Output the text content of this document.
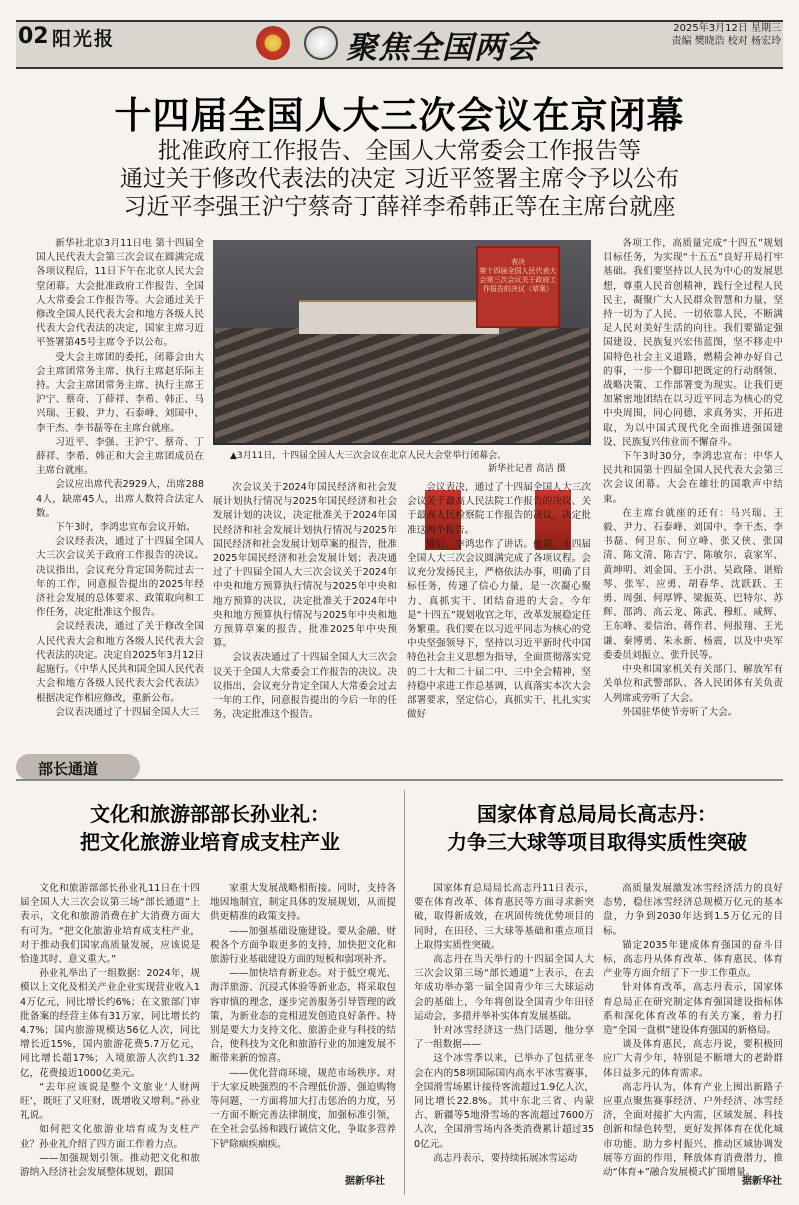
02 阳光报	聚焦全国两会
2025年3月12日 星期三
责编 樊晓浩 校对 杨宏玲
十四届全国人大三次会议在京闭幕
批准政府工作报告、全国人大常委会工作报告等
通过关于修改代表法的决定 习近平签署主席令予以公布
习近平李强王沪宁蔡奇丁薛祥李希韩正等在主席台就座

新华社北京3月11日电 第十四届全国人民代表大会第三次会议在圆满完成各项议程后，11日下午在北京人民大会堂闭幕。大会批准政府工作报告、全国人大常委会工作报告等。大会通过关于修改全国人民代表大会和地方各级人民代表大会代表法的决定，国家主席习近平签署第45号主席令予以公布。

受大会主席团的委托，闭幕会由大会主席团常务主席、执行主席赵乐际主持。大会主席团常务主席、执行主席王沪宁、蔡奇、丁薛祥、李希、韩正、马兴瑞、王毅、尹力、石泰峰、刘国中、李干杰、李书磊等在主席台就座。

习近平、李强、王沪宁、蔡奇、丁薛祥、李希、韩正和大会主席团成员在主席台就座。

会议应出席代表2929人，出席2884人，缺席45人，出席人数符合法定人数。

下午3时，李鸿忠宣布会议开始。

会议经表决，通过了十四届全国人大三次会议关于政府工作报告的决议。决议指出，会议充分肯定国务院过去一年的工作，同意报告提出的2025年经济社会发展的总体要求、政策取向和工作任务，决定批准这个报告。

会议经表决，通过了关于修改全国人民代表大会和地方各级人民代表大会代表法的决定。决定自2025年3月12日起施行。《中华人民共和国全国人民代表大会和地方各级人民代表大会代表法》根据决定作相应修改，重新公布。

会议表决通过了十四届全国人大三

表决
第十四届全国人民代表大会第三次会议关于政府工作报告的决议（草案）
▲3月11日，十四届全国人大三次会议在北京人民大会堂举行闭幕会。
新华社记者 高洁 摄

次会议关于2024年国民经济和社会发展计划执行情况与2025年国民经济和社会发展计划的决议，决定批准关于2024年国民经济和社会发展计划执行情况与2025年国民经济和社会发展计划草案的报告，批准2025年国民经济和社会发展计划；表决通过了十四届全国人大三次会议关于2024年中央和地方预算执行情况与2025年中央和地方预算的决议，决定批准关于2024年中央和地方预算执行情况与2025年中央和地方预算草案的报告，批准2025年中央预算。

会议表决通过了十四届全国人大三次会议关于全国人大常委会工作报告的决议。决议指出，会议充分肯定全国人大常委会过去一年的工作，同意报告提出的今后一年的任务，决定批准这个报告。

会议表决，通过了十四届全国人大三次会议关于最高人民法院工作报告的决议、关于最高人民检察院工作报告的决议，决定批准这两个报告。

随后，李鸿忠作了讲话。他说，十四届全国人大三次会议圆满完成了各项议程。会议充分发扬民主，严格依法办事，明确了目标任务，传递了信心力量，是一次凝心聚力、真抓实干、团结奋进的大会。今年是“十四五”规划收官之年，改革发展稳定任务繁重。我们要在以习近平同志为核心的党中央坚强领导下，坚持以习近平新时代中国特色社会主义思想为指导，全面贯彻落实党的二十大和二十届二中、三中全会精神，坚持稳中求进工作总基调，认真落实本次大会部署要求，坚定信心，真抓实干，扎扎实实做好

各项工作，高质量完成“十四五”规划目标任务，为实现“十五五”良好开局打牢基础。我们要坚持以人民为中心的发展思想，尊重人民首创精神，践行全过程人民民主，凝聚广大人民群众智慧和力量，坚持一切为了人民、一切依靠人民，不断满足人民对美好生活的向往。我们要锚定强国建设、民族复兴宏伟蓝图，坚不移走中国特色社会主义道路，燃精会神办好自己的事，一步一个脚印把既定的行动纲领、战略决策、工作部署变为现实。让我们更加紧密地团结在以习近平同志为核心的党中央周围，同心同德，求真务实，开拓进取，为以中国式现代化全面推进强国建设、民族复兴伟业而不懈奋斗。

下午3时30分，李鸿忠宣布：中华人民共和国第十四届全国人民代表大会第三次会议闭幕。大会在雄壮的国歌声中结束。

在主席台就座的还有：马兴瑞、王毅、尹力、石泰峰、刘国中、李干杰、李书磊、何卫东、何立峰、张又侠、张国清、陈文清、陈吉宁、陈敏尔、袁家军、黄坤明、刘金国、王小洪、吴政隆、谌贻琴、张军、应勇、胡春华、沈跃跃、王勇、周强、何厚铧、梁振英、巴特尔、苏辉、邵鸿、高云龙、陈武、穆虹、咸辉、王东峰、姜信治、蒋作君、何报翔、王光谦、秦博勇、朱永新、杨震，以及中央军委委员刘振立、张升民等。

中央和国家机关有关部门、解放军有关单位和武警部队、各人民团体有关负责人列席或旁听了大会。

外国驻华使节旁听了大会。

部长通道
文化和旅游部部长孙业礼：
把文化旅游业培育成支柱产业

文化和旅游部部长孙业礼11日在十四届全国人大三次会议第三场“部长通道”上表示，文化和旅游消费在扩大消费方面大有可为。“把文化旅游业培育成支柱产业，对于推动我们国家高质量发展，应该说是恰逢其时、意义重大。”

孙业礼举出了一组数据：2024年，规模以上文化及相关产业企业实现营业收入14万亿元，同比增长约6%；在文旅部门审批备案的经营主体有31万家，同比增长约4.7%；国内旅游规模达56亿人次，同比增长近15%，国内旅游花费5.7万亿元，同比增长超17%；入境旅游人次约1.32亿，花费接近1000亿美元。

“去年应该说是整个文旅业‘人财两旺’，既旺了又旺财，既增收又增利。”孙业礼说。

如何把文化旅游业培育成为支柱产业？孙业礼介绍了四方面工作着力点。

——加强规划引领。推动把文化和旅游纳入经济社会发展整体规划，跟国

家重大发展战略相衔接。同时，支持各地因地制宜，制定具体的发展规划，从而提供更精准的政策支持。

——加强基础设施建设。要从金融、财税各个方面争取更多的支持，加快把文化和旅游行业基础建设方面的短板和弱项补齐。

——加快培育新业态。对于低空观光、海洋旅游、沉浸式体验等新业态，将采取包容审慎的理念，逐步完善服务引导管理的政策，为新业态的竞相迸发创造良好条件。特别是要大力支持文化、旅游企业与科技的结合，使科技为文化和旅游行业的加速发展不断带来新的惊喜。

——优化营商环境，规范市场秩序。对于大家反映强烈的不合理低价游、强迫购物等问题，一方面将加大打击惩治的力度，另一方面不断完善法律制度，加强标准引领，在全社会弘扬和践行诚信文化，争取多营养下铲除痼疾痼疾。

据新华社
国家体育总局局长高志丹：
力争三大球等项目取得实质性突破

国家体育总局局长高志丹11日表示，要在体育改革、体育惠民等方面寻求新突破，取得新成效，在巩固传统优势项目的同时，在田径、三大球等基础和重点项目上取得实质性突破。

高志丹在当天举行的十四届全国人大三次会议第三场“部长通道”上表示，在去年成功举办第一届全国青少年三大球运动会的基础上，今年将创设全国青少年田径运动会，多措并举补实体育发展基础。

针对冰雪经济这一热门话题，他分享了一组数据——

这个冰雪季以来，已举办了包括亚冬会在内的58项国际国内高水平冰雪赛事，全国滑雪场累计接待客流超过1.9亿人次，同比增长22.8%。其中东北三省、内蒙古、新疆等5地滑雪场的客流超过7600万人次，全国滑雪场内各类消费累计超过350亿元。

高志丹表示，要持续拓展冰雪运动

高质量发展激发冰雪经济活力的良好态势，稳住冰雪经济总规模万亿元的基本盘，力争到2030年达到1.5万亿元的目标。

锚定2035年建成体育强国的奋斗目标，高志丹从体育改革、体育惠民、体育产业等方面介绍了下一步工作重点。

针对体育改革，高志丹表示，国家体育总局正在研究制定体育强国建设指标体系和深化体育改革的有关方案，着力打造“全国一盘棋”建设体育强国的新格局。

谈及体育惠民，高志丹说，要积极回应广大青少年，特别是不断增大的老龄群体日益多元的体育需求。

高志丹认为，体育产业上囤出新路子应重点聚焦赛事经济、户外经济、冰雪经济，全面对接扩大内需，区域发展、科技创新和绿色转型，更好发挥体育在优化城市功能、助力乡村振兴、推动区域协调发展等方面的作用，释放体育消费潜力，推动“体育+”融合发展模式扩围增量。

据新华社
